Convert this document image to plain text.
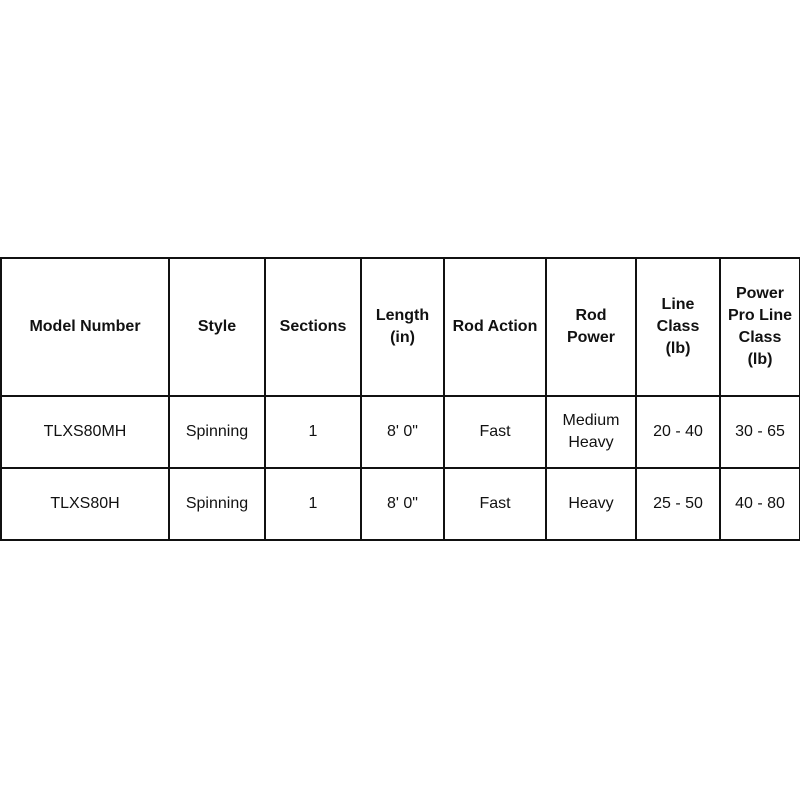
Model Number	Style	Sections	Length (in)	Rod Action	Rod Power	Line Class (lb)	Power Pro Line Class (lb)
TLXS80MH	Spinning	1	8' 0"	Fast	Medium Heavy	20 - 40	30 - 65
TLXS80H	Spinning	1	8' 0"	Fast	Heavy	25 - 50	40 - 80
